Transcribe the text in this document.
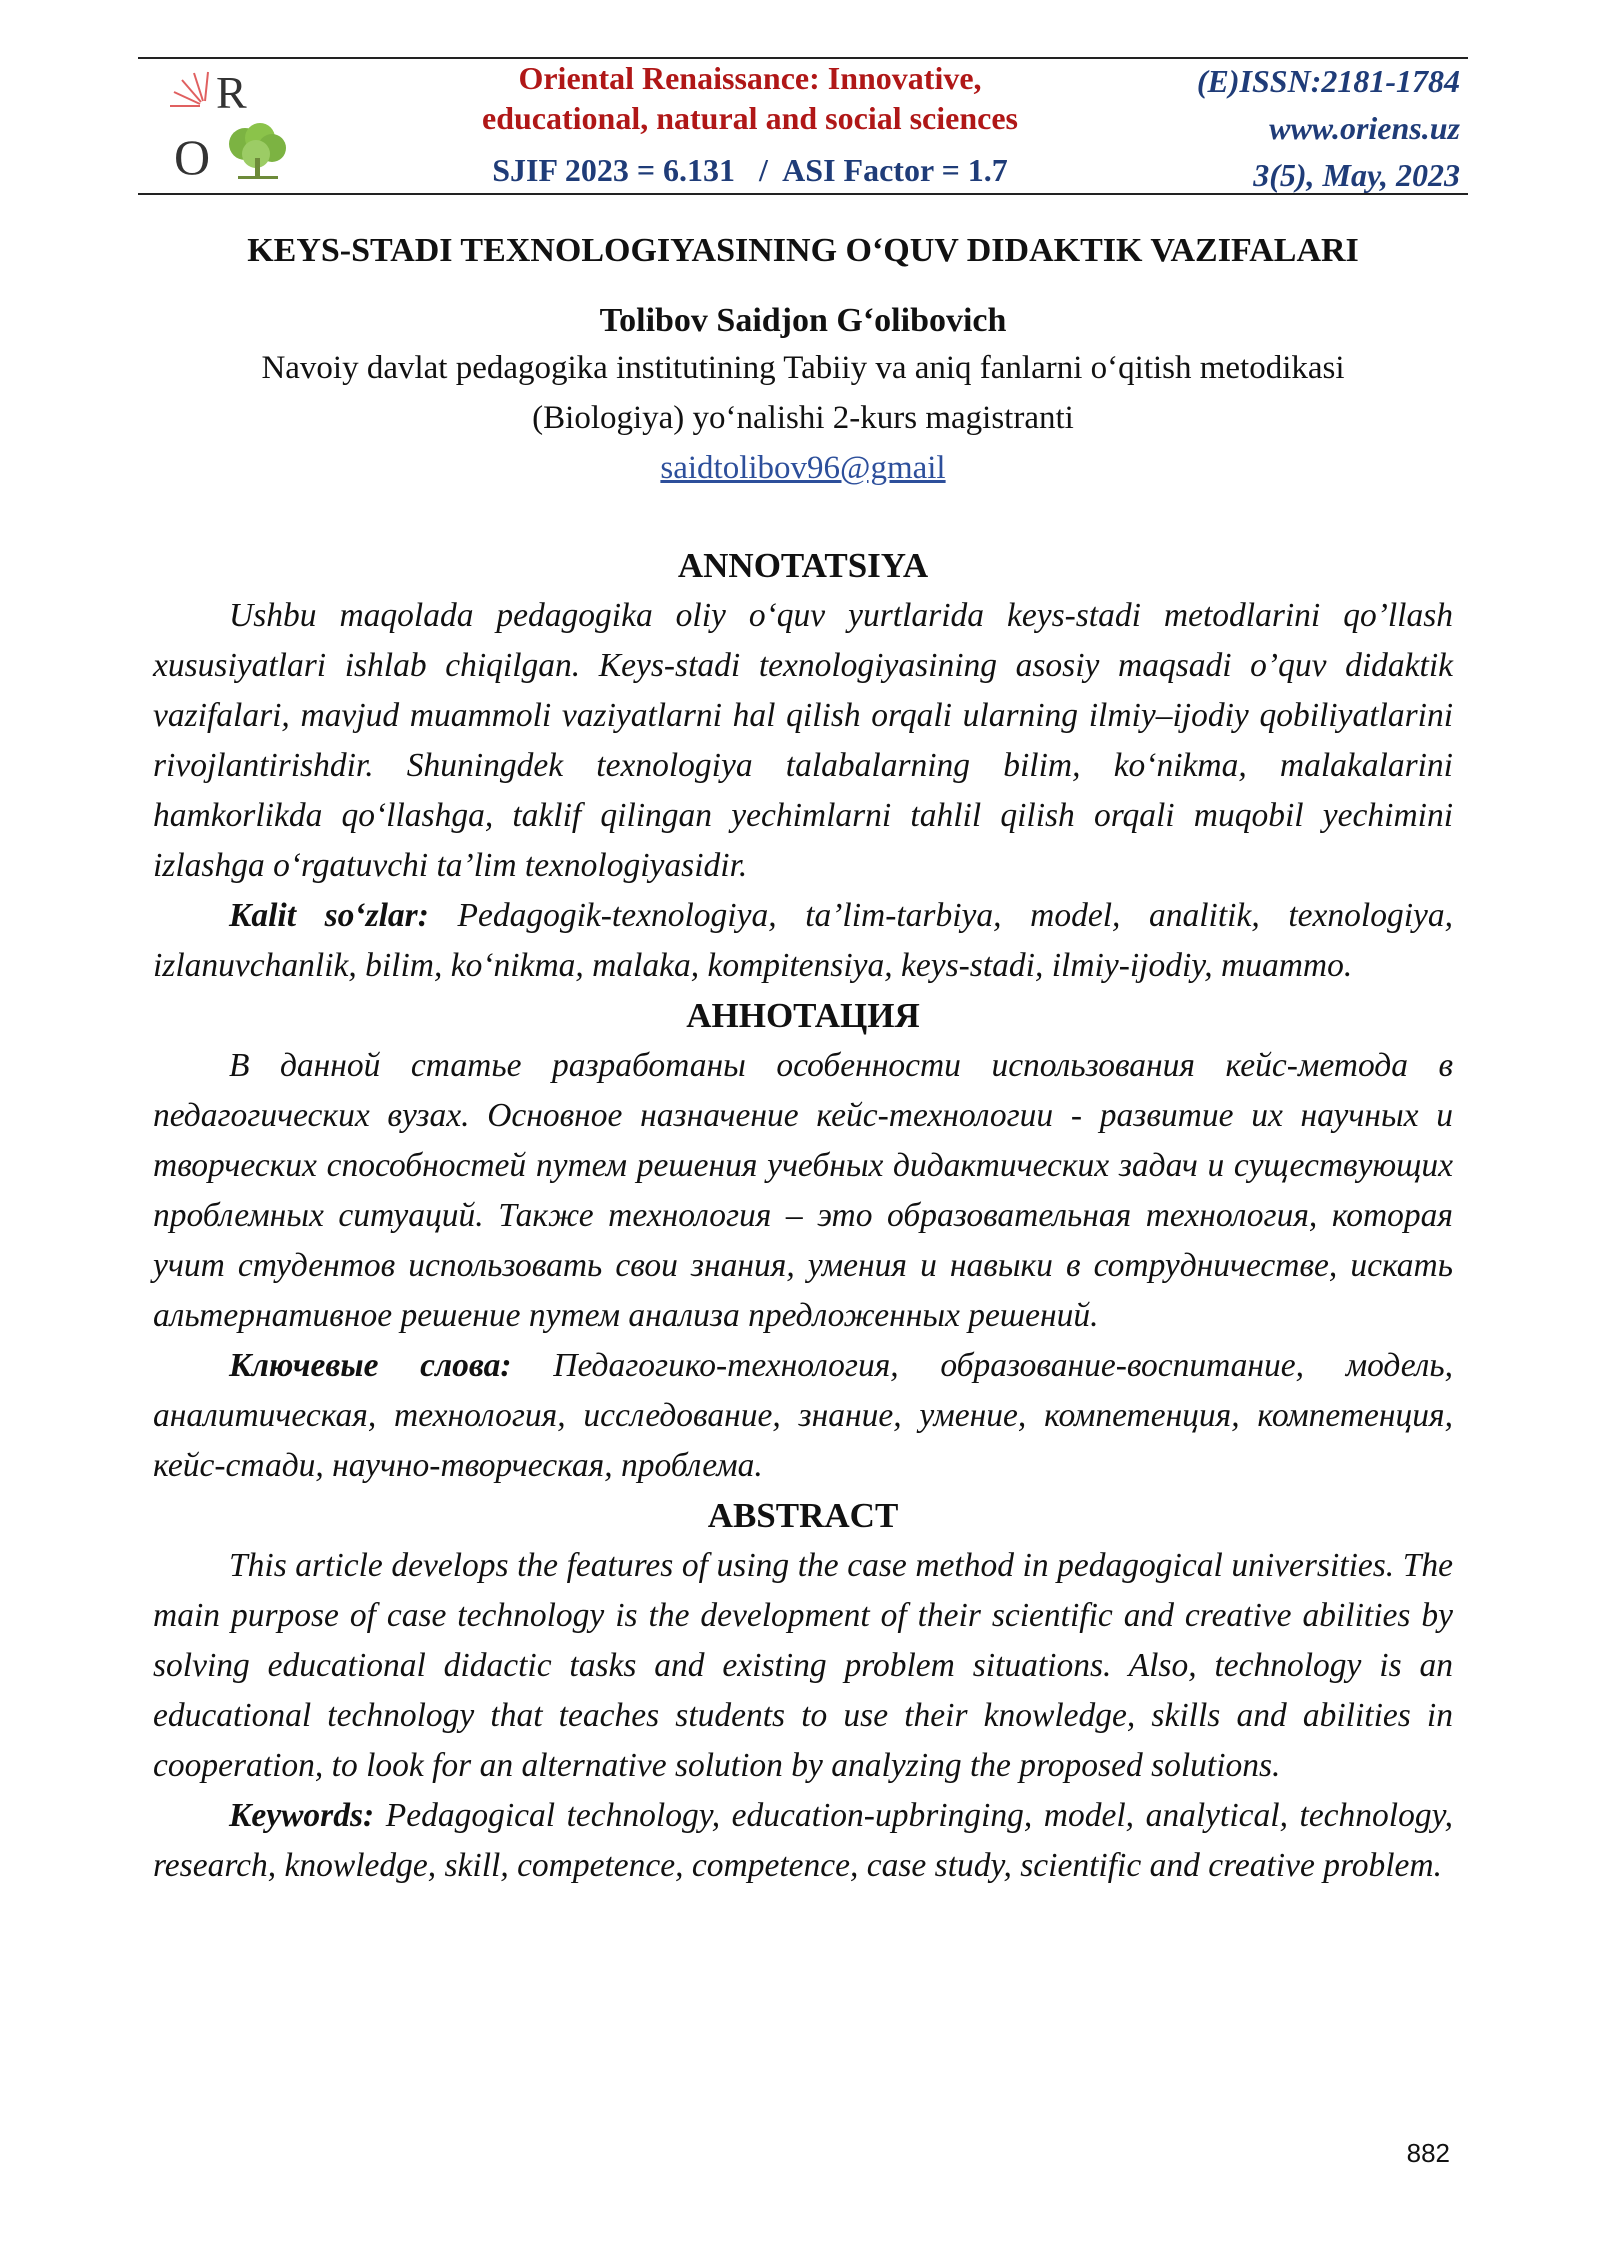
R
O
Oriental Renaissance: Innovative,
educational, natural and social sciences
SJIF 2023 = 6.131   /  ASI Factor = 1.7
(E)ISSN:2181-1784
www.oriens.uz
3(5), May, 2023
KEYS-STADI TEXNOLOGIYASINING O‘QUV DIDAKTIK VAZIFALARI
Tolibov Saidjon G‘olibovich
Navoiy davlat pedagogika institutining Tabiiy va aniq fanlarni o‘qitish metodikasi
(Biologiya) yo‘nalishi 2-kurs magistranti
saidtolibov96@gmail
ANNOTATSIYA

Ushbu maqolada pedagogika oliy o‘quv yurtlarida keys-stadi metodlarini qo’llash xususiyatlari ishlab chiqilgan. Keys-stadi texnologiyasining asosiy maqsadi o’quv didaktik vazifalari, mavjud muammoli vaziyatlarni hal qilish orqali ularning ilmiy–ijodiy qobiliyatlarini rivojlantirishdir. Shuningdek texnologiya talabalarning bilim, ko‘nikma, malakalarini hamkorlikda qo‘llashga, taklif qilingan yechimlarni tahlil qilish orqali muqobil yechimini izlashga o‘rgatuvchi ta’lim texnologiyasidir.

Kalit so‘zlar: Pedagogik-texnologiya, ta’lim-tarbiya, model, analitik, texnologiya, izlanuvchanlik, bilim, ko‘nikma, malaka, kompitensiya, keys-stadi, ilmiy-ijodiy, muammo.

АННОТАЦИЯ

В данной статье разработаны особенности использования кейс-метода в педагогических вузах. Основное назначение кейс-технологии - развитие их научных и творческих способностей путем решения учебных дидактических задач и существующих проблемных ситуаций. Также технология – это образовательная технология, которая учит студентов использовать свои знания, умения и навыки в сотрудничестве, искать альтернативное решение путем анализа предложенных решений.

Ключевые слова: Педагогико-технология, образование-воспитание, модель, аналитическая, технология, исследование, знание, умение, компетенция, компетенция, кейс-стади, научно-творческая, проблема.

ABSTRACT

This article develops the features of using the case method in pedagogical universities. The main purpose of case technology is the development of their scientific and creative abilities by solving educational didactic tasks and existing problem situations. Also, technology is an educational technology that teaches students to use their knowledge, skills and abilities in cooperation, to look for an alternative solution by analyzing the proposed solutions.

Keywords: Pedagogical technology, education-upbringing, model, analytical, technology, research, knowledge, skill, competence, competence, case study, scientific and creative problem.

882
